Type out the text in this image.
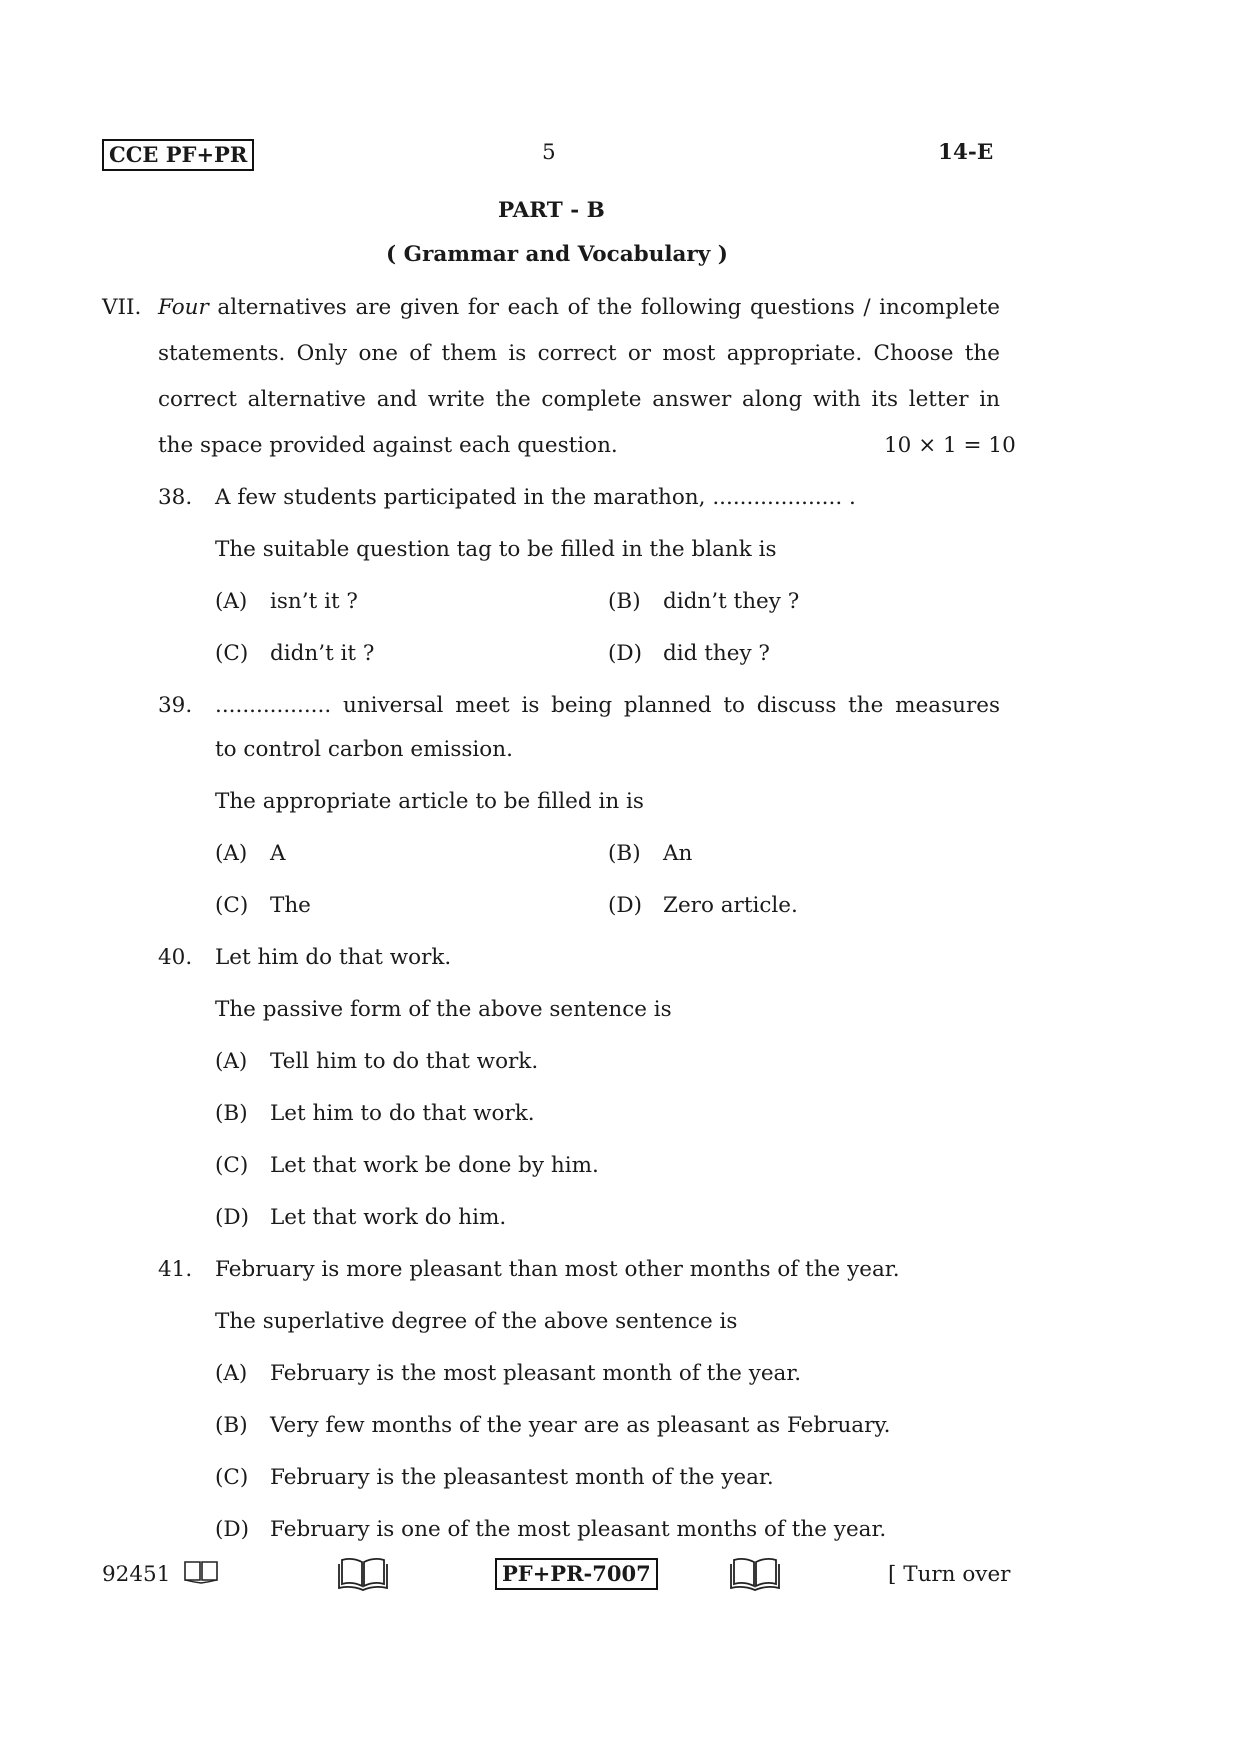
CCE PF+PR	5	14-E
PART - B
( Grammar and Vocabulary )
VII. Four alternatives are given for each of the following questions / incomplete
statements. Only one of them is correct or most appropriate. Choose the
correct alternative and write the complete answer along with its letter in
the space provided against each question.	10 × 1 = 10
38. A few students participated in the marathon, ................... .
The suitable question tag to be filled in the blank is
(A) isn’t it ?	(B) didn’t they ?
(C) didn’t it ?	(D) did they ?
39. ................. universal meet is being planned to discuss the measures
to control carbon emission.
The appropriate article to be filled in is
(A) A	(B) An
(C) The	(D) Zero article.
40. Let him do that work.
The passive form of the above sentence is
(A) Tell him to do that work.
(B) Let him to do that work.
(C) Let that work be done by him.
(D) Let that work do him.
41. February is more pleasant than most other months of the year.
The superlative degree of the above sentence is
(A) February is the most pleasant month of the year.
(B) Very few months of the year are as pleasant as February.
(C) February is the pleasantest month of the year.
(D) February is one of the most pleasant months of the year.
92451	PF+PR-7007	[ Turn over
